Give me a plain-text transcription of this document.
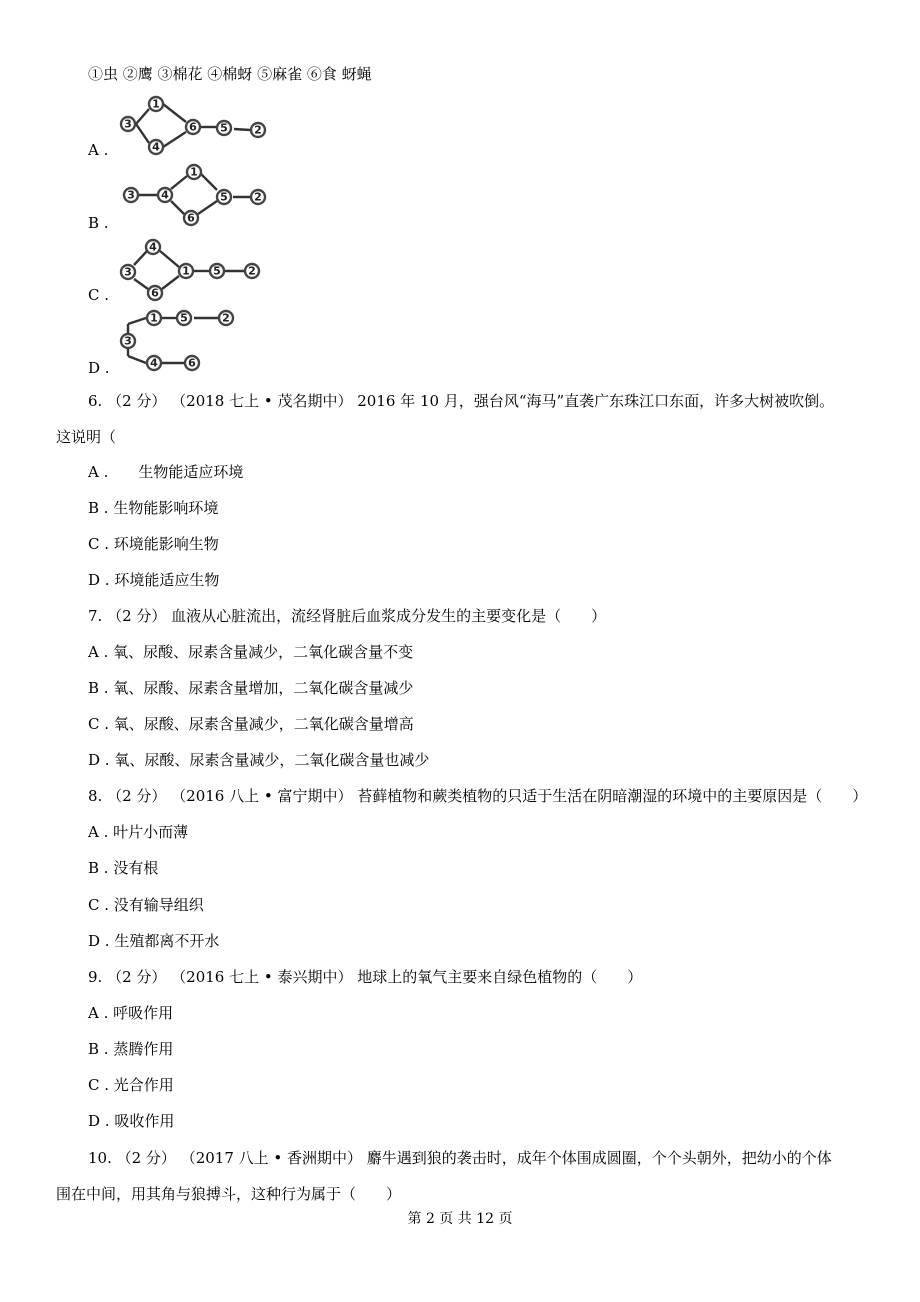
①虫 ②鹰 ③棉花 ④棉蚜 ⑤麻雀 ⑥食 蚜蝇
A .
3
1
4
6 5 2
B .
3 4
1
6
5 2
C .
3
4
6
1 5 2
D .
3
1 5	2
4	6
6. （2 分） （2018 七上 • 茂名期中） 2016 年 10 月，强台风“海马”直袭广东珠江口东面，许多大树被吹倒。
这说明（
A .　　生物能适应环境
B . 生物能影响环境
C . 环境能影响生物
D . 环境能适应生物
7. （2 分） 血液从心脏流出，流经肾脏后血浆成分发生的主要变化是（　　）
A . 氧、尿酸、尿素含量减少，二氧化碳含量不变
B . 氧、尿酸、尿素含量增加，二氧化碳含量减少
C . 氧、尿酸、尿素含量减少，二氧化碳含量增高
D . 氧、尿酸、尿素含量减少，二氧化碳含量也减少
8. （2 分） （2016 八上 • 富宁期中） 苔藓植物和蕨类植物的只适于生活在阴暗潮湿的环境中的主要原因是（　　）
A . 叶片小而薄
B . 没有根
C . 没有输导组织
D . 生殖都离不开水
9. （2 分） （2016 七上 • 泰兴期中） 地球上的氧气主要来自绿色植物的（　　）
A . 呼吸作用
B . 蒸腾作用
C . 光合作用
D . 吸收作用
10. （2 分） （2017 八上 • 香洲期中） 麝牛遇到狼的袭击时，成年个体围成圆圈，个个头朝外，把幼小的个体
围在中间，用其角与狼搏斗，这种行为属于（　　）
第 2 页 共 12 页
